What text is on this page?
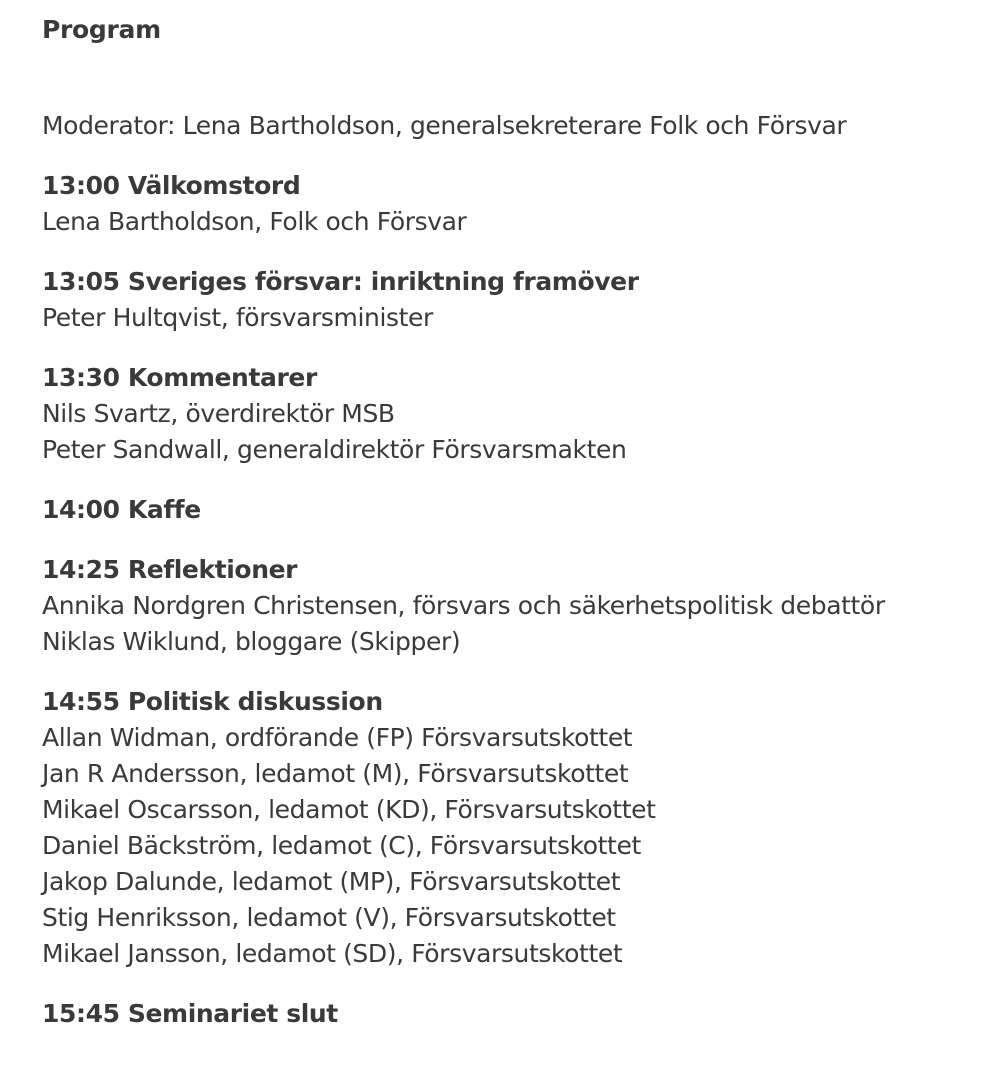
Program
Moderator: Lena Bartholdson, generalsekreterare Folk och Försvar
13:00 Välkomstord
Lena Bartholdson, Folk och Försvar
13:05 Sveriges försvar: inriktning framöver
Peter Hultqvist, försvarsminister
13:30 Kommentarer
Nils Svartz, överdirektör MSB
Peter Sandwall, generaldirektör Försvarsmakten
14:00 Kaffe
14:25 Reflektioner
Annika Nordgren Christensen, försvars och säkerhetspolitisk debattör
Niklas Wiklund, bloggare (Skipper)
14:55 Politisk diskussion
Allan Widman, ordförande (FP) Försvarsutskottet
Jan R Andersson, ledamot (M), Försvarsutskottet
Mikael Oscarsson, ledamot (KD), Försvarsutskottet
Daniel Bäckström, ledamot (C), Försvarsutskottet
Jakop Dalunde, ledamot (MP), Försvarsutskottet
Stig Henriksson, ledamot (V), Försvarsutskottet
Mikael Jansson, ledamot (SD), Försvarsutskottet
15:45 Seminariet slut
